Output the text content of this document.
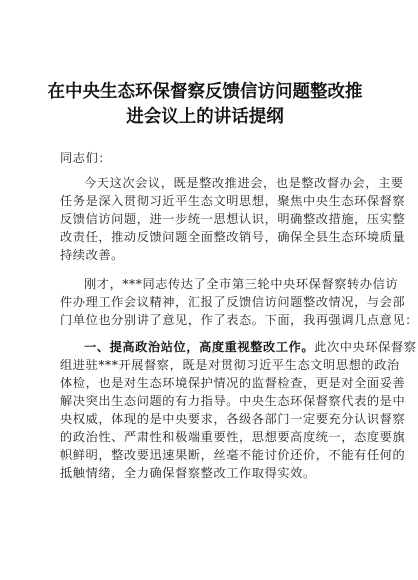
在中央生态环保督察反馈信访问题整改推
进会议上的讲话提纲
同志们：
今天这次会议，既是整改推进会，也是整改督办会，主要
任务是深入贯彻习近平生态文明思想，聚焦中央生态环保督察
反馈信访问题，进一步统一思想认识，明确整改措施，压实整
改责任，推动反馈问题全面整改销号，确保全县生态环境质量
持续改善。
刚才，***同志传达了全市第三轮中央环保督察转办信访
件办理工作会议精神，汇报了反馈信访问题整改情况，与会部
门单位也分别讲了意见，作了表态。下面，我再强调几点意见：
一、提高政治站位，高度重视整改工作。此次中央环保督察
组进驻***开展督察，既是对贯彻习近平生态文明思想的政治
体检，也是对生态环境保护情况的监督检查，更是对全面妥善
解决突出生态问题的有力指导。中央生态环保督察代表的是中
央权威，体现的是中央要求，各级各部门一定要充分认识督察
的政治性、严肃性和极端重要性，思想要高度统一，态度要旗
帜鲜明，整改要迅速果断，丝毫不能讨价还价，不能有任何的
抵触情绪，全力确保督察整改工作取得实效。
